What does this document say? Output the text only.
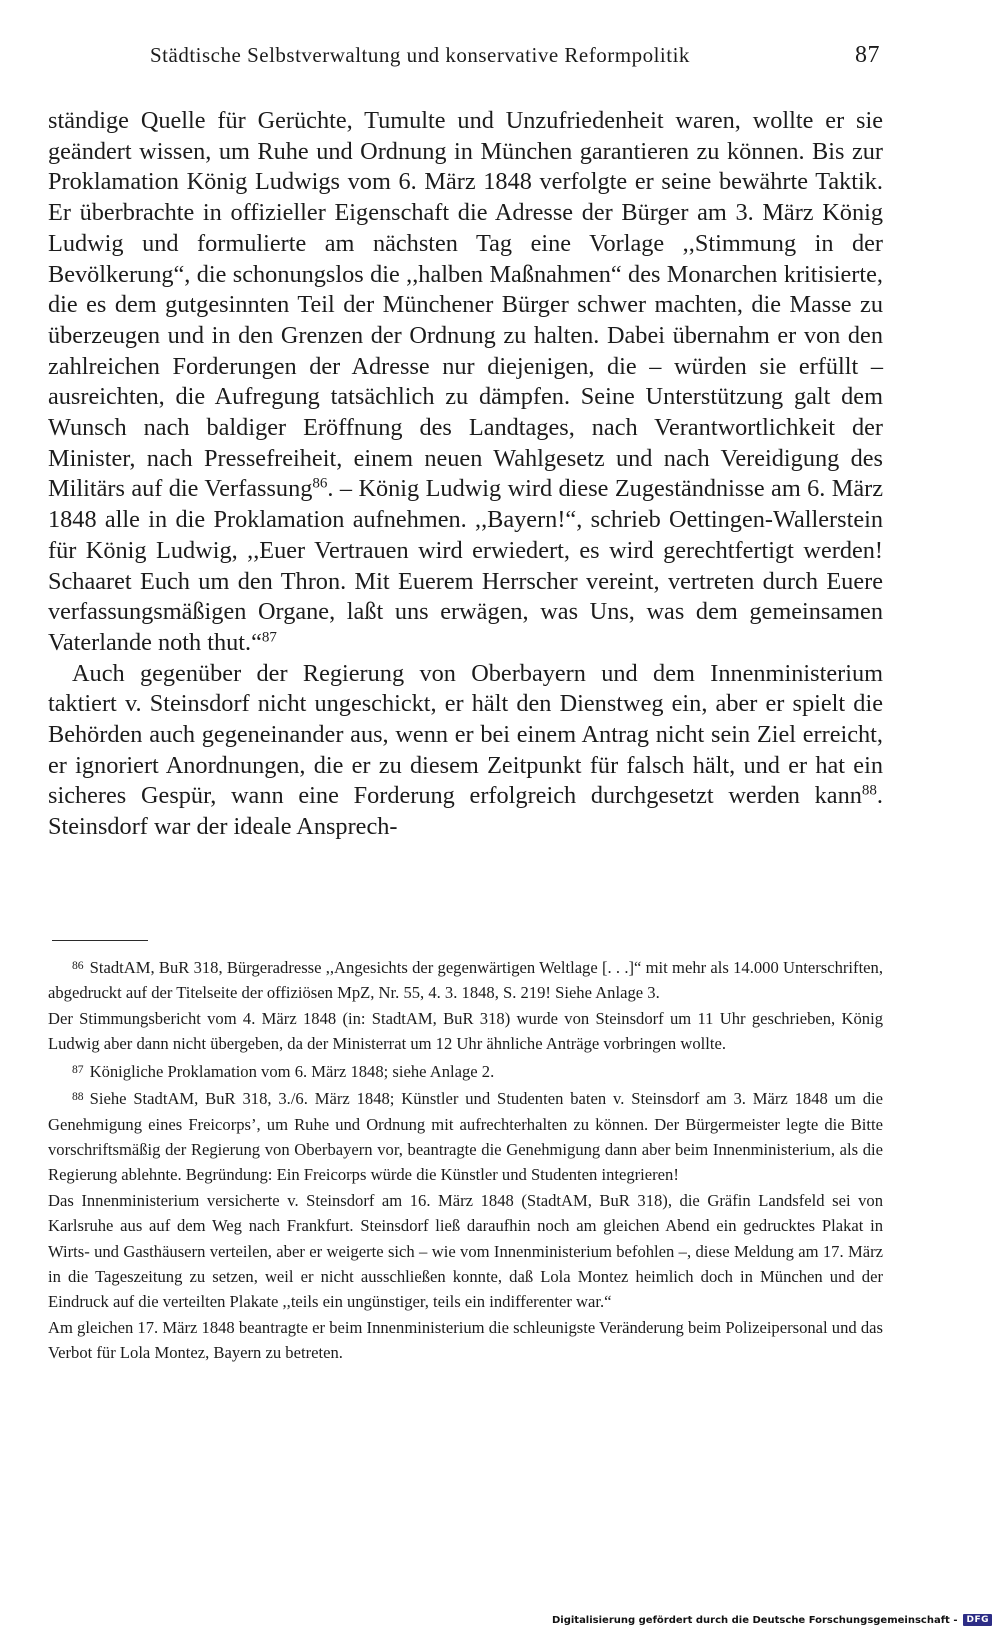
Städtische Selbstverwaltung und konservative Reformpolitik	87

ständige Quelle für Gerüchte, Tumulte und Unzufriedenheit waren, wollte er sie geändert wissen, um Ruhe und Ordnung in München garantieren zu können. Bis zur Proklamation König Ludwigs vom 6. März 1848 verfolgte er seine bewährte Taktik. Er überbrachte in offizieller Eigenschaft die Adresse der Bürger am 3. März König Ludwig und formulierte am nächsten Tag eine Vorlage ,,Stimmung in der Bevölkerung“, die schonungslos die ,,halben Maßnahmen“ des Monarchen kritisierte, die es dem gutgesinnten Teil der Münchener Bürger schwer machten, die Masse zu überzeugen und in den Grenzen der Ordnung zu halten. Dabei übernahm er von den zahlreichen Forderungen der Adresse nur diejenigen, die – würden sie erfüllt – ausreichten, die Aufregung tatsächlich zu dämpfen. Seine Unterstützung galt dem Wunsch nach baldiger Eröffnung des Landtages, nach Verantwortlichkeit der Minister, nach Pressefreiheit, einem neuen Wahlgesetz und nach Vereidigung des Militärs auf die Verfassung$^{86}$. – König Ludwig wird diese Zugeständnisse am 6. März 1848 alle in die Proklamation aufnehmen. ,,Bayern!“, schrieb Oettingen-Wallerstein für König Ludwig, ,,Euer Vertrauen wird erwiedert, es wird gerechtfertigt werden! Schaaret Euch um den Thron. Mit Euerem Herrscher vereint, vertreten durch Euere verfassungsmäßigen Organe, laßt uns erwägen, was Uns, was dem gemeinsamen Vaterlande noth thut.“$^{87}$

Auch gegenüber der Regierung von Oberbayern und dem Innenministerium taktiert v. Steinsdorf nicht ungeschickt, er hält den Dienstweg ein, aber er spielt die Behörden auch gegeneinander aus, wenn er bei einem Antrag nicht sein Ziel erreicht, er ignoriert Anordnungen, die er zu diesem Zeitpunkt für falsch hält, und er hat ein sicheres Gespür, wann eine Forderung erfolgreich durchgesetzt werden kann$^{88}$. Steinsdorf war der ideale Ansprech-

$^{86}$ StadtAM, BuR 318, Bürgeradresse ,,Angesichts der gegenwärtigen Weltlage [. . .]“ mit mehr als 14.000 Unterschriften, abgedruckt auf der Titelseite der offiziösen MpZ, Nr. 55, 4. 3. 1848, S. 219! Siehe Anlage 3.

Der Stimmungsbericht vom 4. März 1848 (in: StadtAM, BuR 318) wurde von Steinsdorf um 11 Uhr geschrieben, König Ludwig aber dann nicht übergeben, da der Ministerrat um 12 Uhr ähnliche Anträge vorbringen wollte.

$^{87}$ Königliche Proklamation vom 6. März 1848; siehe Anlage 2.

$^{88}$ Siehe StadtAM, BuR 318, 3./6. März 1848; Künstler und Studenten baten v. Steinsdorf am 3. März 1848 um die Genehmigung eines Freicorps’, um Ruhe und Ordnung mit aufrechterhalten zu können. Der Bürgermeister legte die Bitte vorschriftsmäßig der Regierung von Oberbayern vor, beantragte die Genehmigung dann aber beim Innenministerium, als die Regierung ablehnte. Begründung: Ein Freicorps würde die Künstler und Studenten integrieren!

Das Innenministerium versicherte v. Steinsdorf am 16. März 1848 (StadtAM, BuR 318), die Gräfin Landsfeld sei von Karlsruhe aus auf dem Weg nach Frankfurt. Steinsdorf ließ daraufhin noch am gleichen Abend ein gedrucktes Plakat in Wirts- und Gasthäusern verteilen, aber er weigerte sich – wie vom Innenministerium befohlen –, diese Meldung am 17. März in die Tageszeitung zu setzen, weil er nicht ausschließen konnte, daß Lola Montez heimlich doch in München und der Eindruck auf die verteilten Plakate ,,teils ein ungünstiger, teils ein indifferenter war.“

Am gleichen 17. März 1848 beantragte er beim Innenministerium die schleunigste Veränderung beim Polizeipersonal und das Verbot für Lola Montez, Bayern zu betreten.

Digitalisierung gefördert durch die Deutsche Forschungsgemeinschaft -	DFG
